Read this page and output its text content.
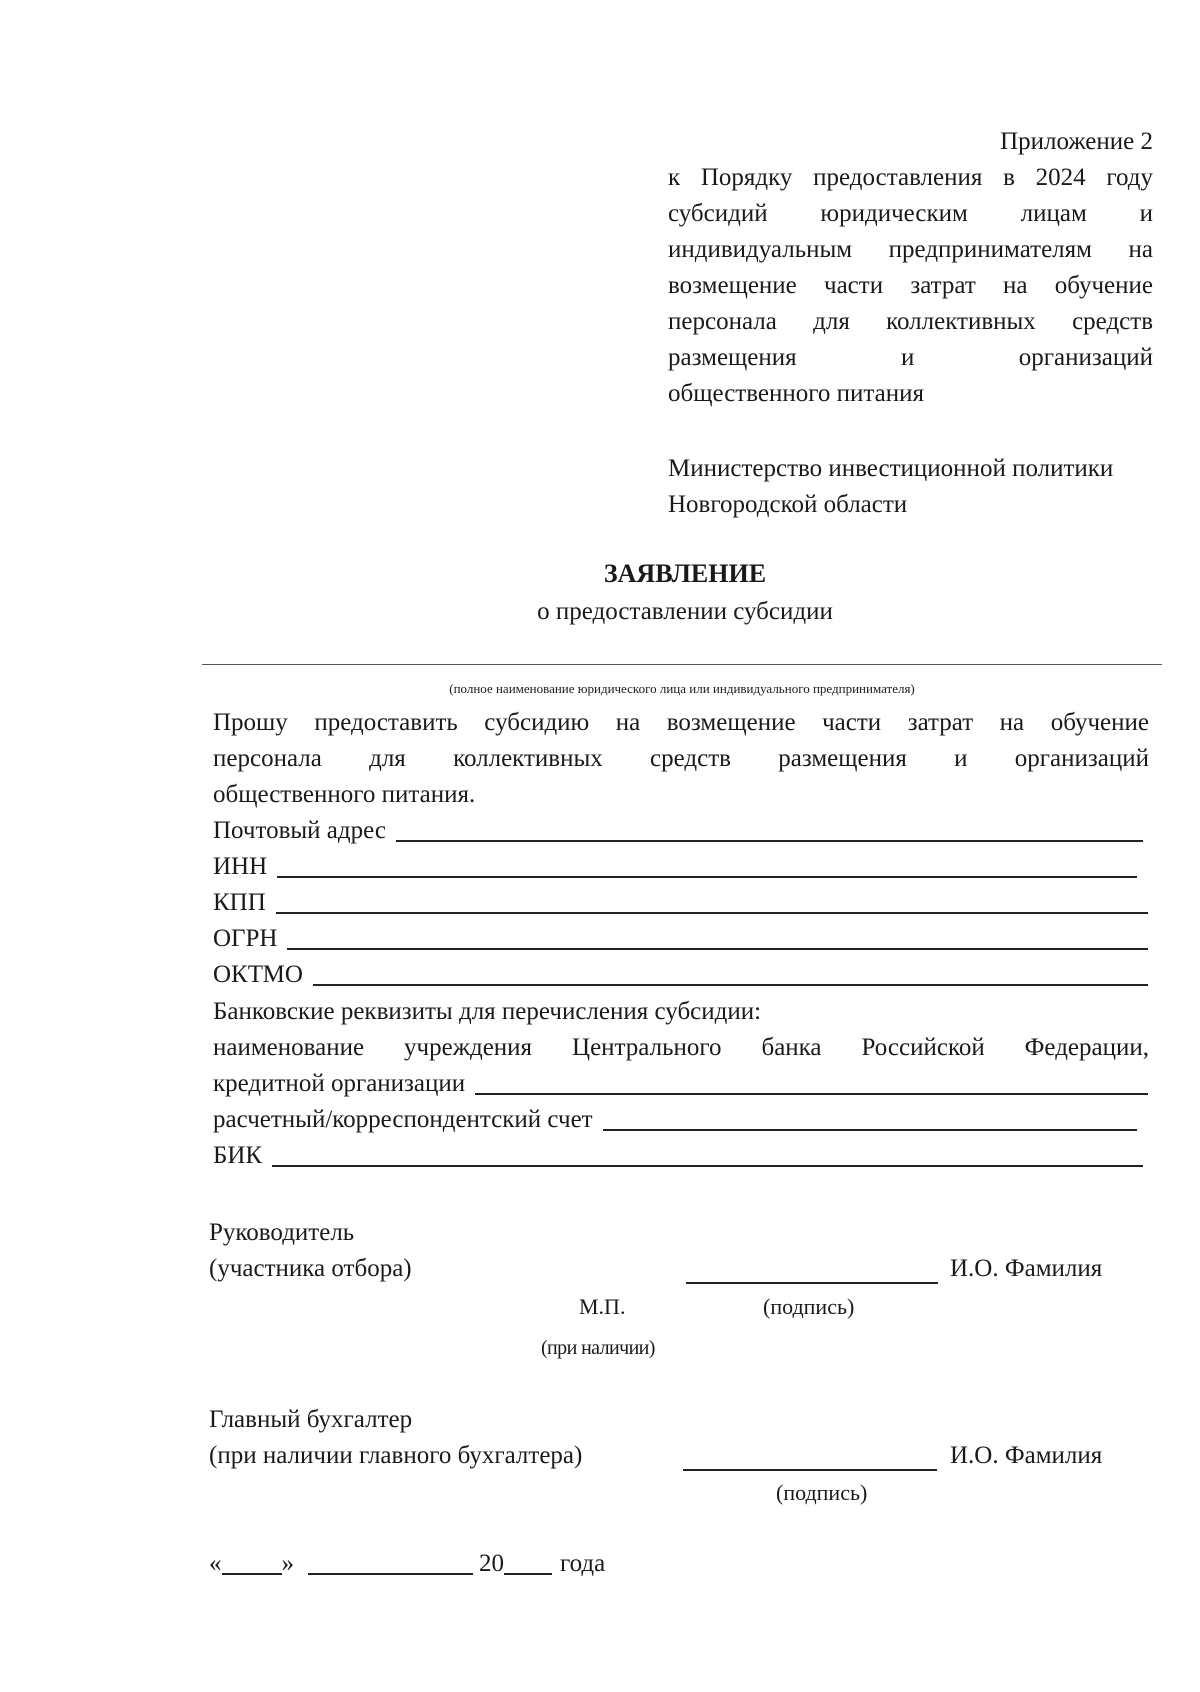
Приложение 2
к Порядку предоставления в 2024 году
субсидий юридическим лицам и
индивидуальным предпринимателям на
возмещение части затрат на обучение
персонала для коллективных средств
размещения и организаций
общественного питания
Министерство инвестиционной политики
Новгородской области
ЗАЯВЛЕНИЕ
о предоставлении субсидии
(полное наименование юридического лица или индивидуального предпринимателя)
Прошу предоставить субсидию на возмещение части затрат на обучение
персонала для коллективных средств размещения и организаций
общественного питания.
Почтовый адрес
ИНН
КПП
ОГРН
ОКТМО
Банковские реквизиты для перечисления субсидии:
наименование учреждения Центрального банка Российской Федерации,
кредитной организации
расчетный/корреспондентский счет
БИК
Руководитель
(участника отбора)	И.О. Фамилия
М.П.	(подпись)
(при наличии)
Главный бухгалтер
(при наличии главного бухгалтера)	И.О. Фамилия
(подпись)
« »	20 года
